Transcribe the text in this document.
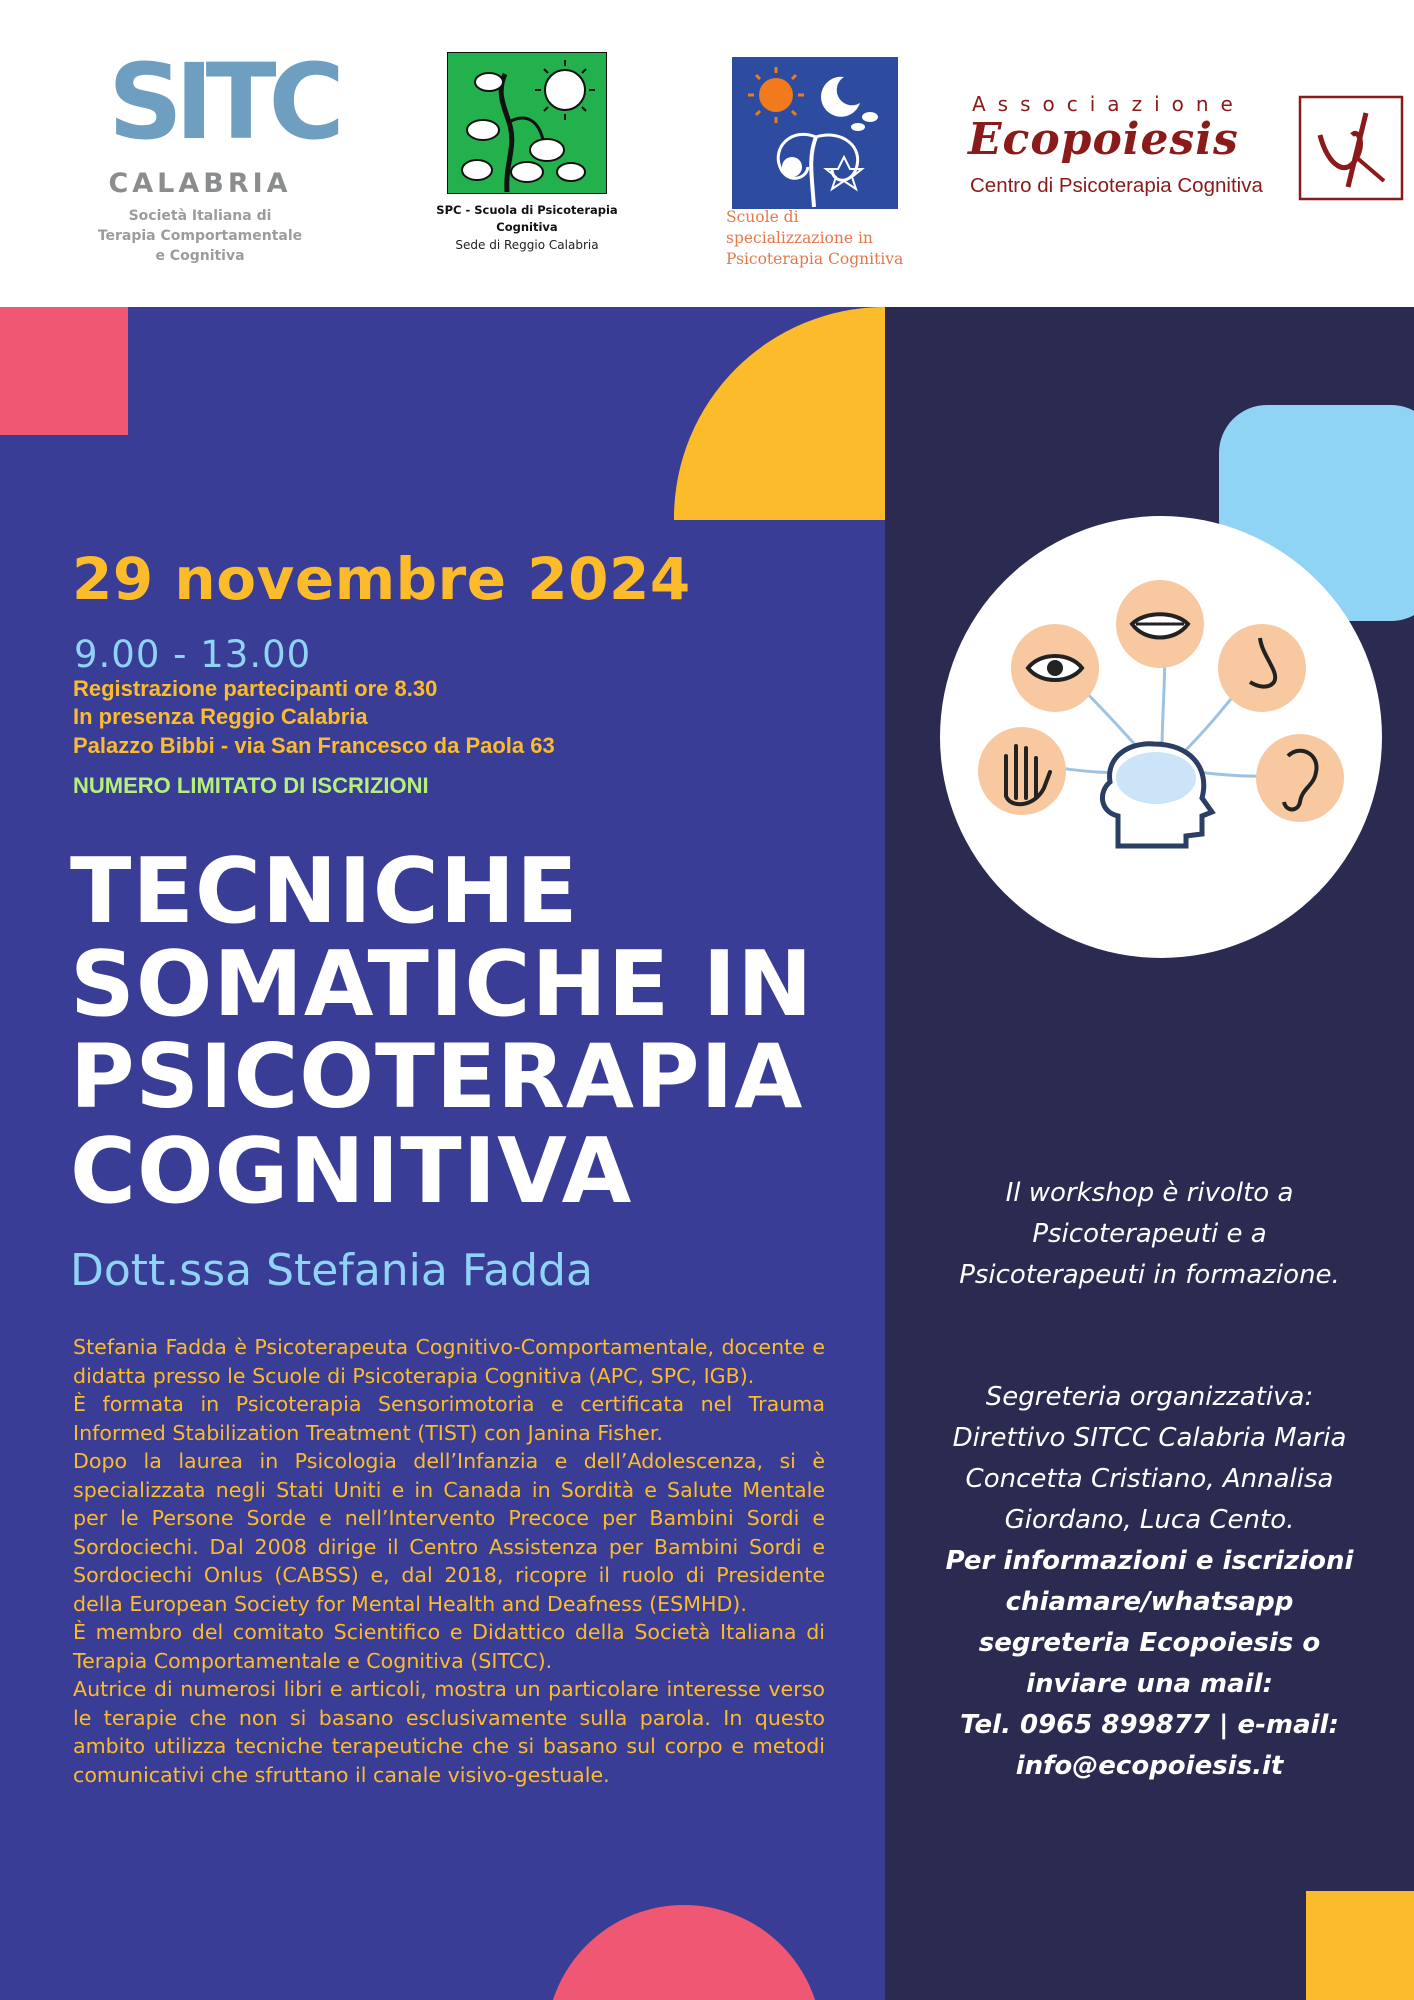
SITC
CALABRIA
Società Italiana di
Terapia Comportamentale
e Cognitiva
SPC - Scuola di Psicoterapia
Cognitiva
Sede di Reggio Calabria
Scuole di
specializzazione in
Psicoterapia Cognitiva
Associazione
Ecopoiesis
Centro di Psicoterapia Cognitiva
29 novembre 2024
9.00 - 13.00
Registrazione partecipanti ore 8.30
In presenza Reggio Calabria
Palazzo Bibbi - via San Francesco da Paola 63
NUMERO LIMITATO DI ISCRIZIONI
TECNICHE
SOMATICHE IN
PSICOTERAPIA
COGNITIVA
Dott.ssa Stefania Fadda

Stefania Fadda è Psicoterapeuta Cognitivo-Comportamentale, docente e didatta presso le Scuole di Psicoterapia Cognitiva (APC, SPC, IGB).

È formata in Psicoterapia Sensorimotoria e certificata nel Trauma Informed Stabilization Treatment (TIST) con Janina Fisher.

Dopo la laurea in Psicologia dell’Infanzia e dell’Adolescenza, si è specializzata negli Stati Uniti e in Canada in Sordità e Salute Mentale per le Persone Sorde e nell’Intervento Precoce per Bambini Sordi e Sordociechi. Dal 2008 dirige il Centro Assistenza per Bambini Sordi e Sordociechi Onlus (CABSS) e, dal 2018, ricopre il ruolo di Presidente della European Society for Mental Health and Deafness (ESMHD).

È membro del comitato Scientifico e Didattico della Società Italiana di Terapia Comportamentale e Cognitiva (SITCC).

Autrice di numerosi libri e articoli, mostra un particolare interesse verso le terapie che non si basano esclusivamente sulla parola. In questo ambito utilizza tecniche terapeutiche che si basano sul corpo e metodi comunicativi che sfruttano il canale visivo-gestuale.

Il workshop è rivolto a
Psicoterapeuti e a
Psicoterapeuti in formazione.
Segreteria organizzativa:
Direttivo SITCC Calabria Maria
Concetta Cristiano, Annalisa
Giordano, Luca Cento.
Per informazioni e iscrizioni
chiamare/whatsapp
segreteria Ecopoiesis o
inviare una mail:
Tel. 0965 899877 | e-mail:
info@ecopoiesis.it
